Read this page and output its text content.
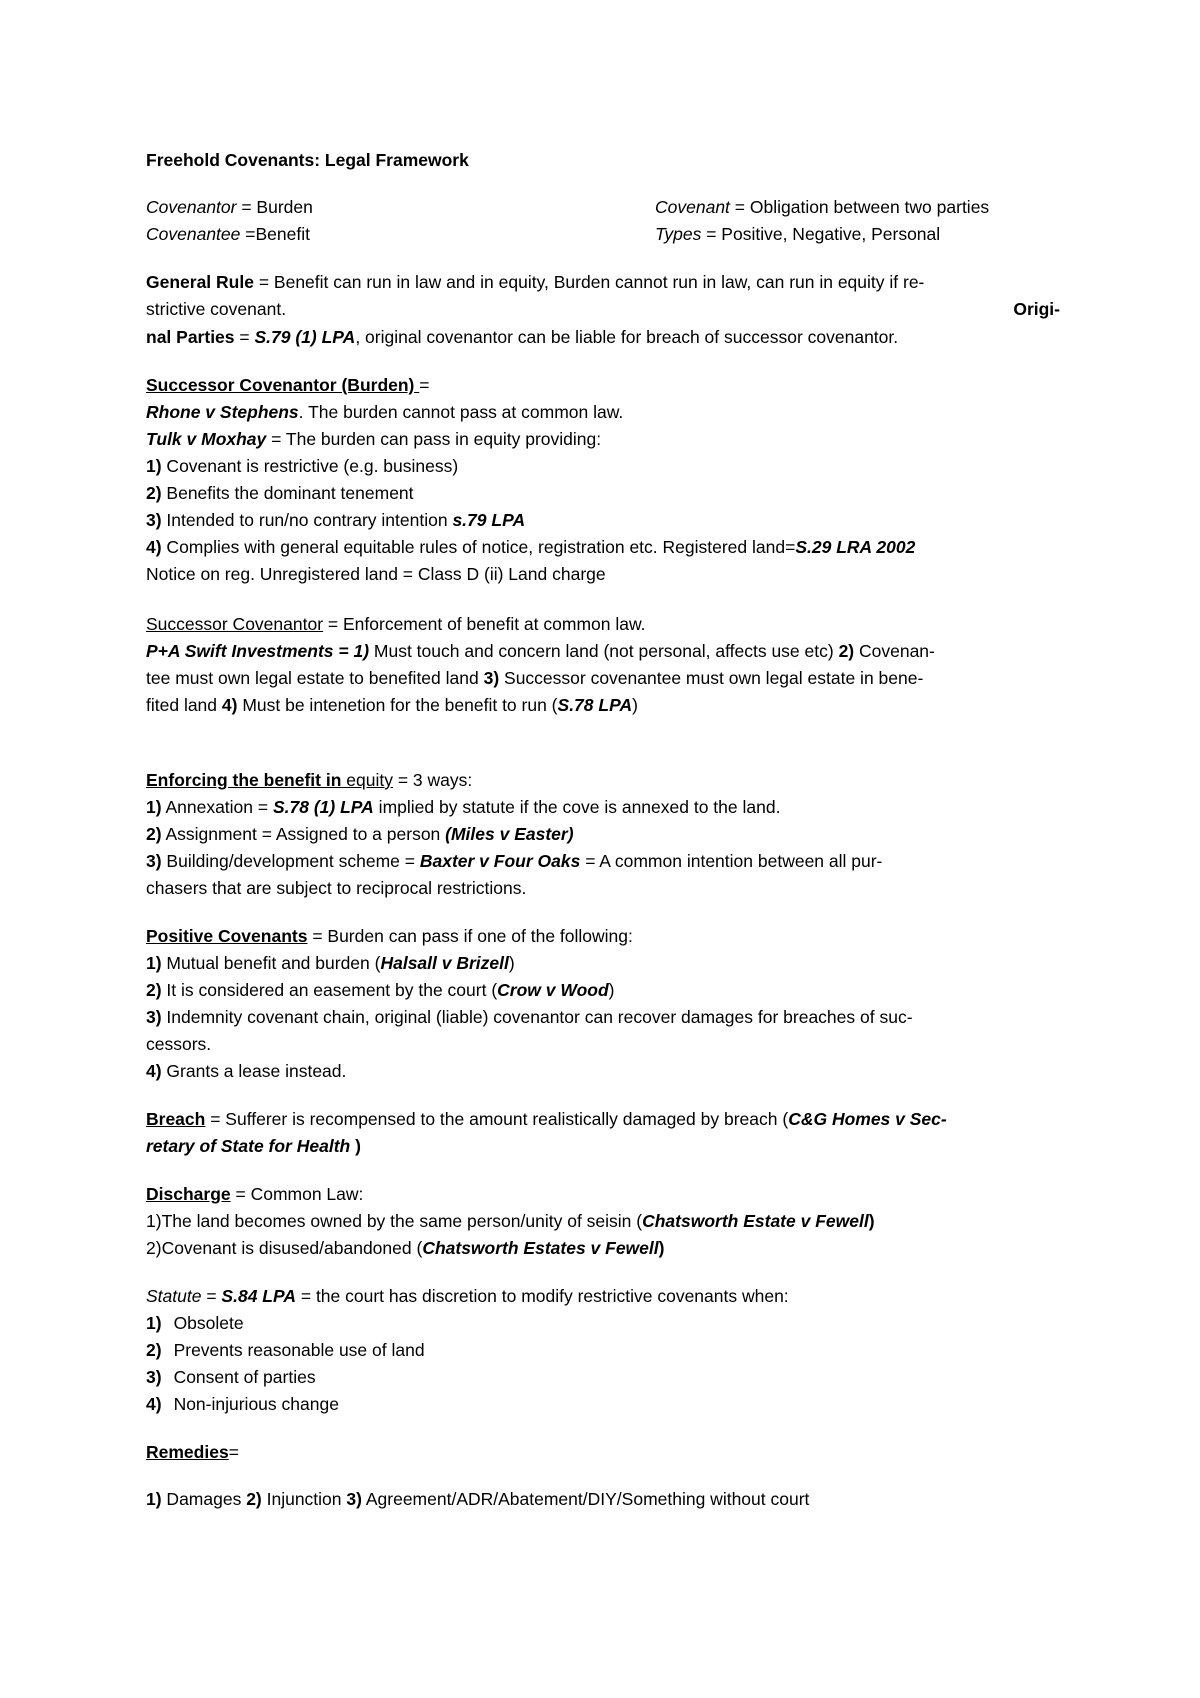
Freehold Covenants: Legal Framework
Covenantor = Burden	Covenant = Obligation between two parties
Covenantee =Benefit	Types = Positive, Negative, Personal
General Rule = Benefit can run in law and in equity, Burden cannot run in law, can run in equity if re-
strictive covenant.	Origi-
nal Parties = S.79 (1) LPA, original covenantor can be liable for breach of successor covenantor.
Successor Covenantor (Burden) =
Rhone v Stephens. The burden cannot pass at common law.
Tulk v Moxhay = The burden can pass in equity providing:
1) Covenant is restrictive (e.g. business)
2) Benefits the dominant tenement
3) Intended to run/no contrary intention s.79 LPA
4) Complies with general equitable rules of notice, registration etc. Registered land=S.29 LRA 2002
Notice on reg. Unregistered land = Class D (ii) Land charge
Successor Covenantor = Enforcement of benefit at common law.
P+A Swift Investments = 1) Must touch and concern land (not personal, affects use etc) 2) Covenan-
tee must own legal estate to benefited land 3) Successor covenantee must own legal estate in bene-
fited land 4) Must be intenetion for the benefit to run (S.78 LPA)
Enforcing the benefit in equity = 3 ways:
1) Annexation = S.78 (1) LPA implied by statute if the cove is annexed to the land.
2) Assignment = Assigned to a person (Miles v Easter)
3) Building/development scheme = Baxter v Four Oaks = A common intention between all pur-
chasers that are subject to reciprocal restrictions.
Positive Covenants = Burden can pass if one of the following:
1) Mutual benefit and burden (Halsall v Brizell)
2) It is considered an easement by the court (Crow v Wood)
3) Indemnity covenant chain, original (liable) covenantor can recover damages for breaches of suc-
cessors.
4) Grants a lease instead.
Breach = Sufferer is recompensed to the amount realistically damaged by breach (C&G Homes v Sec-
retary of State for Health )
Discharge = Common Law:
1)The land becomes owned by the same person/unity of seisin (Chatsworth Estate v Fewell)
2)Covenant is disused/abandoned (Chatsworth Estates v Fewell)
Statute = S.84 LPA = the court has discretion to modify restrictive covenants when:
1) Obsolete
2) Prevents reasonable use of land
3) Consent of parties
4) Non-injurious change
Remedies=
1) Damages 2) Injunction 3) Agreement/ADR/Abatement/DIY/Something without court
